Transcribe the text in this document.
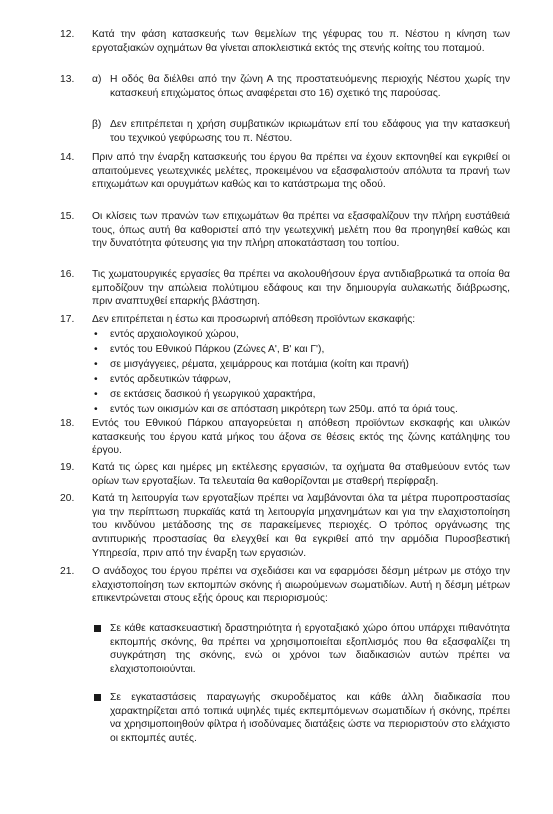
12. Κατά την φάση κατασκευής των θεμελίων της γέφυρας του π. Νέστου η κίνηση των εργοταξιακών οχημάτων θα γίνεται αποκλειστικά εκτός της στενής κοίτης του ποταμού.
13. α) Η οδός θα διέλθει από την ζώνη Α της προστατευόμενης περιοχής Νέστου χωρίς την κατασκευή επιχώματος όπως αναφέρεται στο 16) σχετικό της παρούσας.
β) Δεν επιτρέπεται η χρήση συμβατικών ικριωμάτων επί του εδάφους για την κατασκευή του τεχνικού γεφύρωσης του π. Νέστου.
14. Πριν από την έναρξη κατασκευής του έργου θα πρέπει να έχουν εκπονηθεί και εγκριθεί οι απαιτούμενες γεωτεχνικές μελέτες, προκειμένου να εξασφαλιστούν απόλυτα τα πρανή των επιχωμάτων και ορυγμάτων καθώς και το κατάστρωμα της οδού.
15. Οι κλίσεις των πρανών των επιχωμάτων θα πρέπει να εξασφαλίζουν την πλήρη ευστάθειά τους, όπως αυτή θα καθοριστεί από την γεωτεχνική μελέτη που θα προηγηθεί καθώς και την δυνατότητα φύτευσης για την πλήρη αποκατάσταση του τοπίου.
16. Τις χωματουργικές εργασίες θα πρέπει να ακολουθήσουν έργα αντιδιαβρωτικά τα οποία θα εμποδίζουν την απώλεια πολύτιμου εδάφους και την δημιουργία αυλακωτής διάβρωσης, πριν αναπτυχθεί επαρκής βλάστηση.
17. Δεν επιτρέπεται η έστω και προσωρινή απόθεση προϊόντων εκσκαφής:
• εντός αρχαιολογικού χώρου,
• εντός του Εθνικού Πάρκου (Ζώνες Α', Β' και Γ'),
• σε μισγάγγειες, ρέματα, χειμάρρους και ποτάμια (κοίτη και πρανή)
• εντός αρδευτικών τάφρων,
• σε εκτάσεις δασικού ή γεωργικού χαρακτήρα,
• εντός των οικισμών και σε απόσταση μικρότερη των 250μ. από τα όριά τους.
18. Εντός του Εθνικού Πάρκου απαγορεύεται η απόθεση προϊόντων εκσκαφής και υλικών κατασκευής του έργου κατά μήκος του άξονα σε θέσεις εκτός της ζώνης κατάληψης του έργου.
19. Κατά τις ώρες και ημέρες μη εκτέλεσης εργασιών, τα οχήματα θα σταθμεύουν εντός των ορίων των εργοταξίων. Τα τελευταία θα καθορίζονται με σταθερή περίφραξη.
20. Κατά τη λειτουργία των εργοταξίων πρέπει να λαμβάνονται όλα τα μέτρα πυροπροστασίας για την περίπτωση πυρκαϊάς κατά τη λειτουργία μηχανημάτων και για την ελαχιστοποίηση του κινδύνου μετάδοσης της σε παρακείμενες περιοχές. Ο τρόπος οργάνωσης της αντιπυρικής προστασίας θα ελεγχθεί και θα εγκριθεί από την αρμόδια Πυροσβεστική Υπηρεσία, πριν από την έναρξη των εργασιών.
21. Ο ανάδοχος του έργου πρέπει να σχεδιάσει και να εφαρμόσει δέσμη μέτρων με στόχο την ελαχιστοποίηση των εκπομπών σκόνης ή αιωρούμενων σωματιδίων. Αυτή η δέσμη μέτρων επικεντρώνεται στους εξής όρους και περιορισμούς:
Σε κάθε κατασκευαστική δραστηριότητα ή εργοταξιακό χώρο όπου υπάρχει πιθανότητα εκπομπής σκόνης, θα πρέπει να χρησιμοποιείται εξοπλισμός που θα εξασφαλίζει τη συγκράτηση της σκόνης, ενώ οι χρόνοι των διαδικασιών αυτών πρέπει να ελαχιστοποιούνται.
Σε εγκαταστάσεις παραγωγής σκυροδέματος και κάθε άλλη διαδικασία που χαρακτηρίζεται από τοπικά υψηλές τιμές εκπεμπόμενων σωματιδίων ή σκόνης, πρέπει να χρησιμοποιηθούν φίλτρα ή ισοδύναμες διατάξεις ώστε να περιοριστούν στο ελάχιστο οι εκπομπές αυτές.
